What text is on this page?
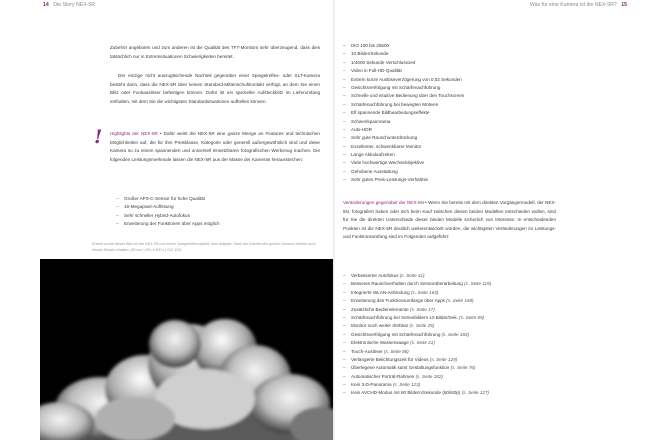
14 Die Story NEX-5R	Was für eine Kamera ist die NEX-5R? 15

Zubehör angeboten und zum anderen ist die Qualität des TFT-Monitors sehr überzeugend, dass dies tatsächlich nur in Extremsituationen Schwierigkeiten bereitet.

Der einzige nicht auszugleichende Nachteil gegenüber einer Spiegelreflex- oder SLT-Kamera besteht darin, dass die NEX-5R über keinen Standard-Mittenschuhkontakt verfügt, an dem Sie einen Blitz oder Funkauslöser befestigen können. Dafür ist ein spezieller Aufsteckblitz im Lieferumfang enthalten, mit dem Sie die wichtigsten Standardsituationen aufhellen können.

! Highlights der NEX-5R • Dafür weist die NEX-5R eine ganze Menge an Features und technischen Möglichkeiten auf, die für ihre Preisklasse, Kategorie oder generell außergewöhnlich sind und diese Kamera so zu einem spannenden und universell einsetzbaren fotografischen Werkzeug machen. Die folgenden Leistungsmerkmale lassen die NEX-5R aus der Masse der Kameras herausstechen:

– Großer APS-C-Sensor für hohe Qualität
– 16-Megapixel-Auflösung
– Sehr schneller Hybrid-Autofokus
– Erweiterung der Funktionen über Apps möglich

Erstellt wurde dieses Bild mit der NEX-5R und einem Spiegelreflexobjektiv über Adapter. Dank der Klarheit des großen Sensors bleiben auch feinste Details erhalten. [50 mm | f/8 | 1/200 s | ISO 100]

– ISO 100 bis 25600
– 10 Bilder/Sekunde
– 1/4000 Sekunde Verschlusszeit
– Video in Full-HD-Qualität
– Extrem kurze Auslöseverzögerung von 0,02 Sekunden
– Gesichtsverfolgung mit Schärfenachführung
– Schnelle und intuitive Bedienung über den Touchscreen
– Schärfenachführung bei bewegten Motiven
– Elf spannende Bildbearbeitungseffekte
– Schwenkpanorama
– Auto-HDR
– Sehr gute Rauschunterdrückung
– Exzellenter, schwenkbarer Monitor
– Lange Akkulaufzeiten
– Viele hochwertige Wechselobjektive
– Gehobene Ausstattung
– Sehr gutes Preis-Leistungs-Verhältnis

Veränderungen gegenüber der NEX-5N • Wenn Sie bereits mit dem direkten Vorgängermodell, der NEX-5N, fotografiert haben oder sich beim Kauf zwischen diesen beiden Modellen entschieden wollen, sind für Sie die direkten Unterschiede dieser beiden Modelle sicherlich von Interesse. In entscheidenden Punkten ist die NEX-5R deutlich weiterentwickelt worden, die wichtigsten Veränderungen im Leistungs- und Funktionsumfang sind im Folgenden aufgeführt:

– Verbesserter Autofokus (s. Seite 41)
– Besseres Rauschverhalten durch Sensorüberarbeitung (s. Seite 119)
– Integrierte WLAN-Anbindung (s. Seite 163)
– Erweiterung des Funktionsumfangs über Apps (s. Seite 168)
– Zusätzliche Bedienelemente (s. Seite 17)
– Schärfenachführung bei Serienbildern 10 Bilder/Sek. (s. Seite 89)
– Monitor noch weiter drehbar (s. Seite 25)
– Gesichtsverfolgung mit Schärfenachführung (s. Seite 183)
– Elektronische Wasserwaage (s. Seite 21)
– Touch-Auslöser (s. Seite 85)
– Verlängerte Belichtungszeit für Videos (s. Seite 129)
– Überlegene Automatik samt Gestaltungsfunktion (s. Seite 76)
– Automatischer Porträt-Rahmen (s. Seite 182)
– Kein 3-D-Panorama (s. Seite 123)
– Kein AVCHD-Modus mit 60 Bildern/Sekunde (60i/60p) (s. Seite 127)
